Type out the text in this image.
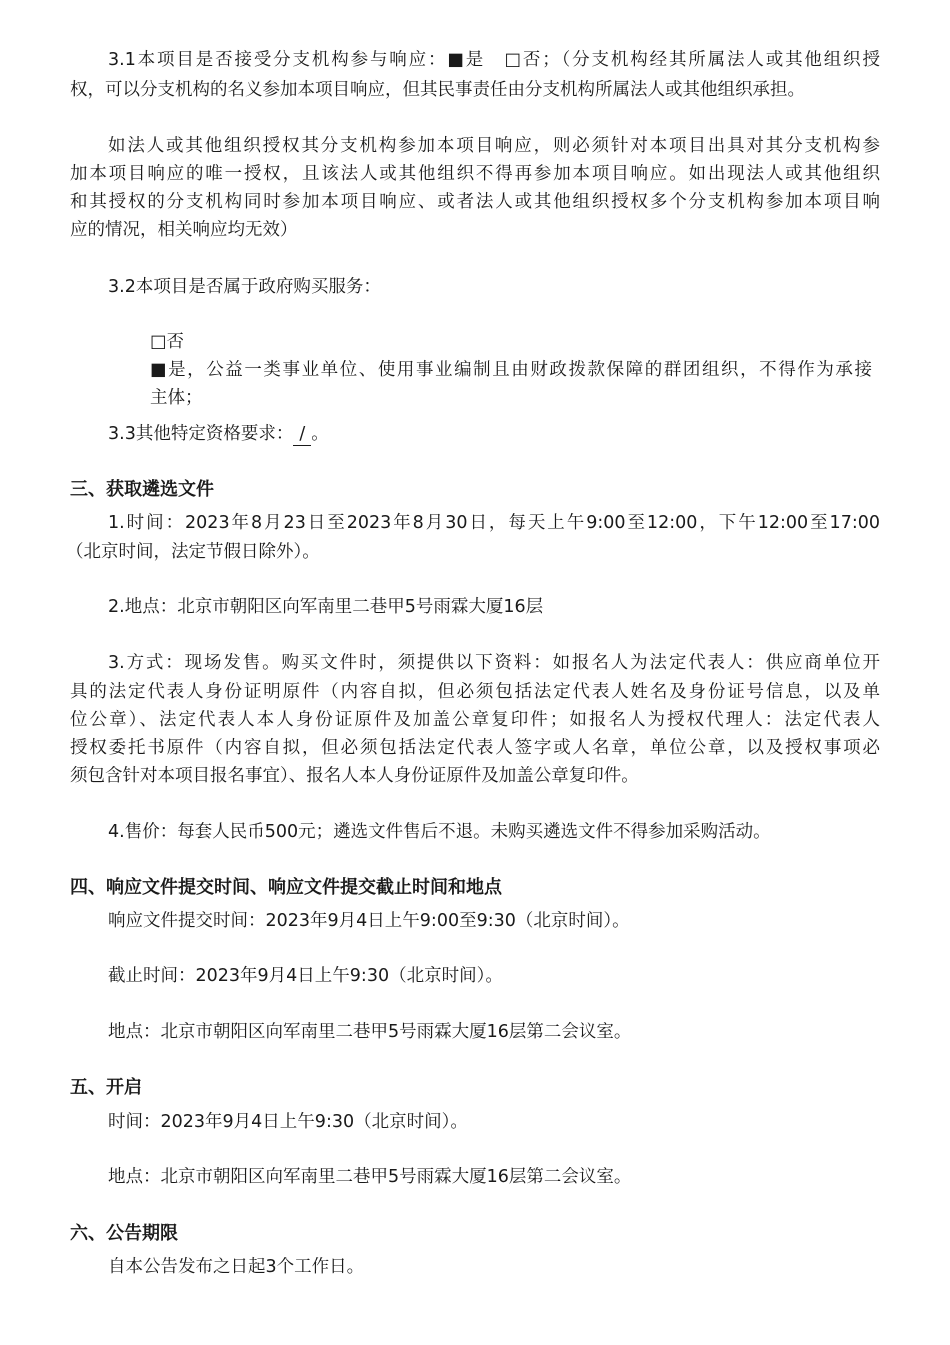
3.1本项目是否接受分支机构参与响应：■是　□否；（分支机构经其所属法人或其他组织授
权，可以分支机构的名义参加本项目响应，但其民事责任由分支机构所属法人或其他组织承担。
如法人或其他组织授权其分支机构参加本项目响应，则必须针对本项目出具对其分支机构参
加本项目响应的唯一授权，且该法人或其他组织不得再参加本项目响应。如出现法人或其他组织
和其授权的分支机构同时参加本项目响应、或者法人或其他组织授权多个分支机构参加本项目响
应的情况，相关响应均无效）
3.2本项目是否属于政府购买服务：
□否
■是，公益一类事业单位、使用事业编制且由财政拨款保障的群团组织，不得作为承接
主体；
3.3其他特定资格要求： / 。
三、获取遴选文件
1.时间：2023年8月23日至2023年8月30日，每天上午9:00至12:00，下午12:00至17:00
（北京时间，法定节假日除外）。
2.地点：北京市朝阳区向军南里二巷甲5号雨霖大厦16层
3.方式：现场发售。购买文件时，须提供以下资料：如报名人为法定代表人：供应商单位开
具的法定代表人身份证明原件（内容自拟，但必须包括法定代表人姓名及身份证号信息，以及单
位公章）、法定代表人本人身份证原件及加盖公章复印件；如报名人为授权代理人：法定代表人
授权委托书原件（内容自拟，但必须包括法定代表人签字或人名章，单位公章，以及授权事项必
须包含针对本项目报名事宜）、报名人本人身份证原件及加盖公章复印件。
4.售价：每套人民币500元；遴选文件售后不退。未购买遴选文件不得参加采购活动。
四、响应文件提交时间、响应文件提交截止时间和地点
响应文件提交时间：2023年9月4日上午9:00至9:30（北京时间）。
截止时间：2023年9月4日上午9:30（北京时间）。
地点：北京市朝阳区向军南里二巷甲5号雨霖大厦16层第二会议室。
五、开启
时间：2023年9月4日上午9:30（北京时间）。
地点：北京市朝阳区向军南里二巷甲5号雨霖大厦16层第二会议室。
六、公告期限
自本公告发布之日起3个工作日。
